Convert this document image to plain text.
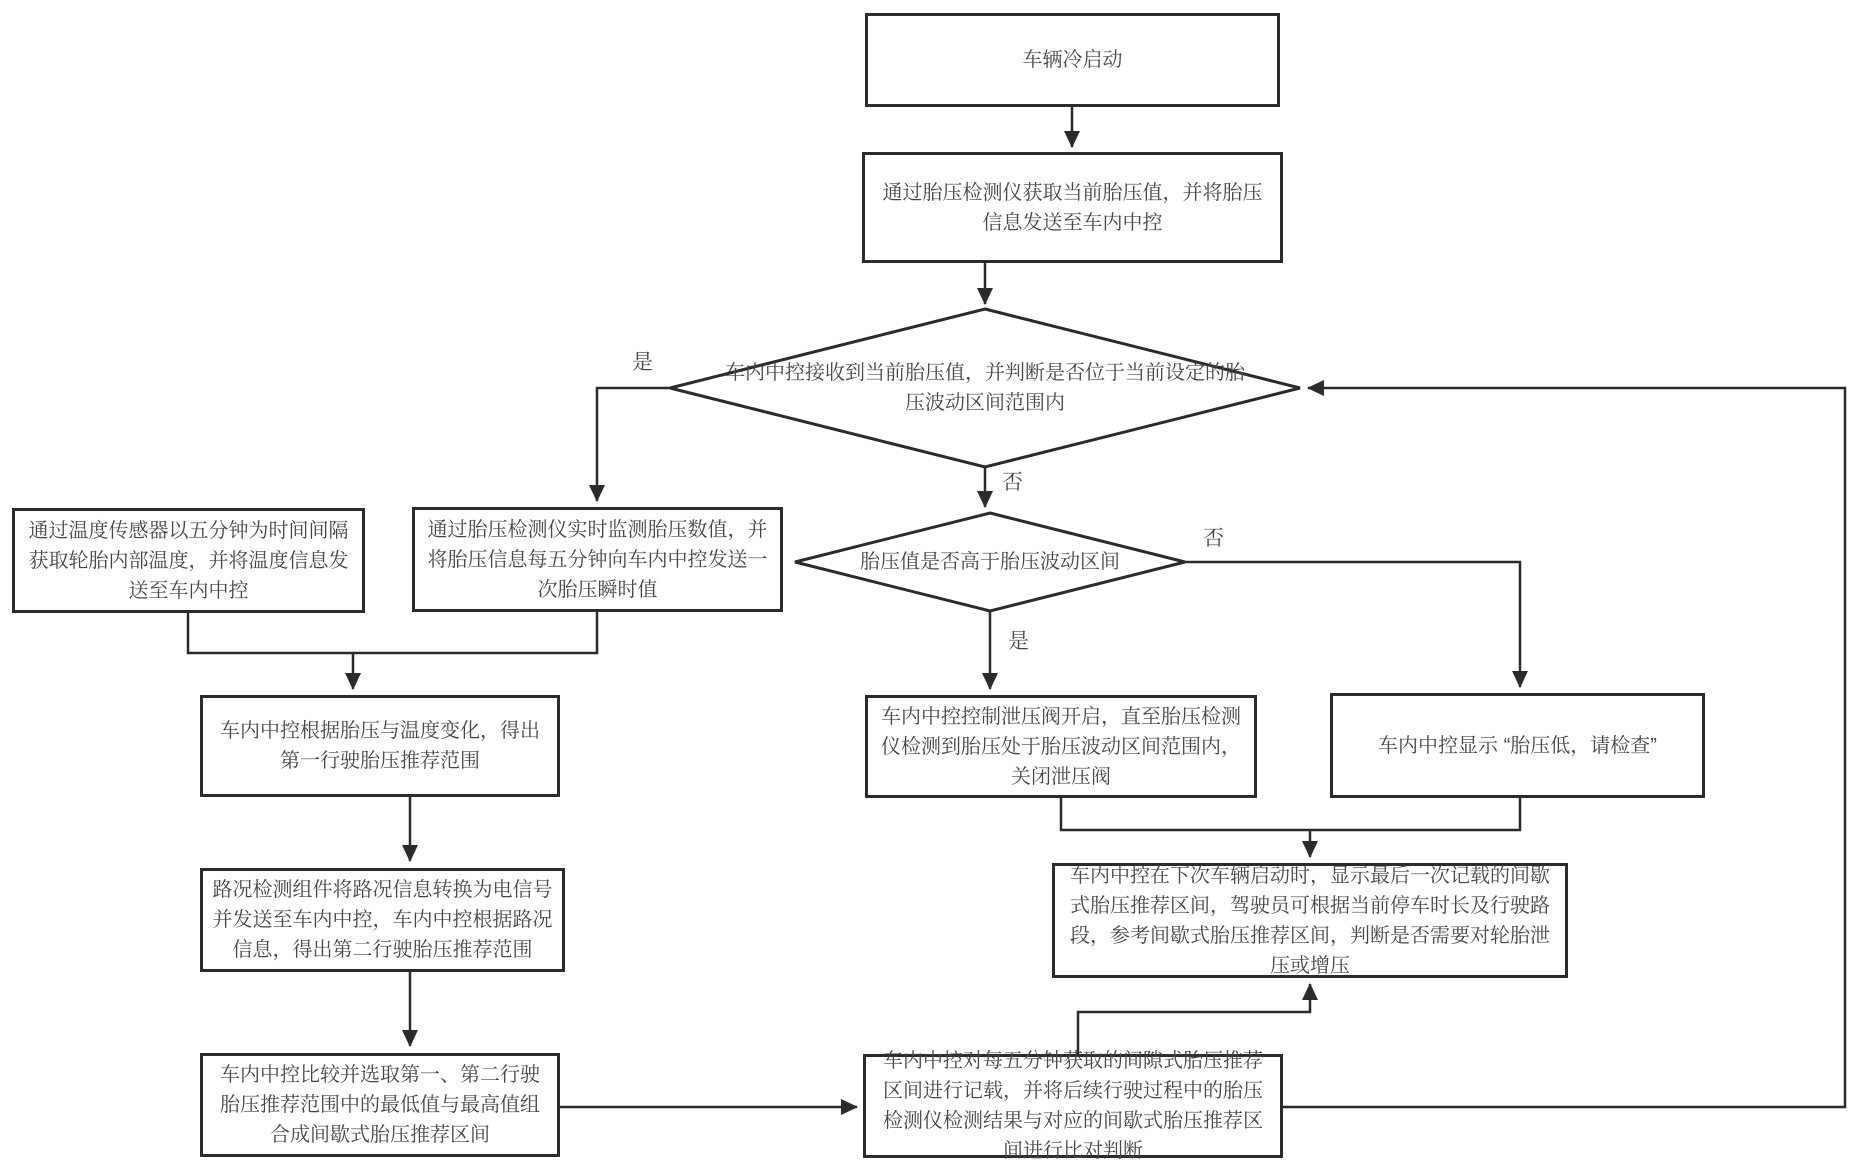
车辆冷启动
通过胎压检测仪获取当前胎压值，并将胎压信息发送至车内中控
通过温度传感器以五分钟为时间间隔获取轮胎内部温度，并将温度信息发送至车内中控
通过胎压检测仪实时监测胎压数值，并将胎压信息每五分钟向车内中控发送一次胎压瞬时值
车内中控根据胎压与温度变化，得出第一行驶胎压推荐范围
路况检测组件将路况信息转换为电信号并发送至车内中控，车内中控根据路况信息，得出第二行驶胎压推荐范围
车内中控比较并选取第一、第二行驶胎压推荐范围中的最低值与最高值组合成间歇式胎压推荐区间
车内中控控制泄压阀开启，直至胎压检测仪检测到胎压处于胎压波动区间范围内，关闭泄压阀
车内中控显示 “胎压低，请检查”
车内中控在下次车辆启动时，显示最后一次记载的间歇式胎压推荐区间，驾驶员可根据当前停车时长及行驶路段，参考间歇式胎压推荐区间，判断是否需要对轮胎泄压或增压
车内中控对每五分钟获取的间隙式胎压推荐区间进行记载，并将后续行驶过程中的胎压检测仪检测结果与对应的间歇式胎压推荐区间进行比对判断
车内中控接收到当前胎压值，并判断是否位于当前设定的胎压波动区间范围内
胎压值是否高于胎压波动区间
是
否
是
否
